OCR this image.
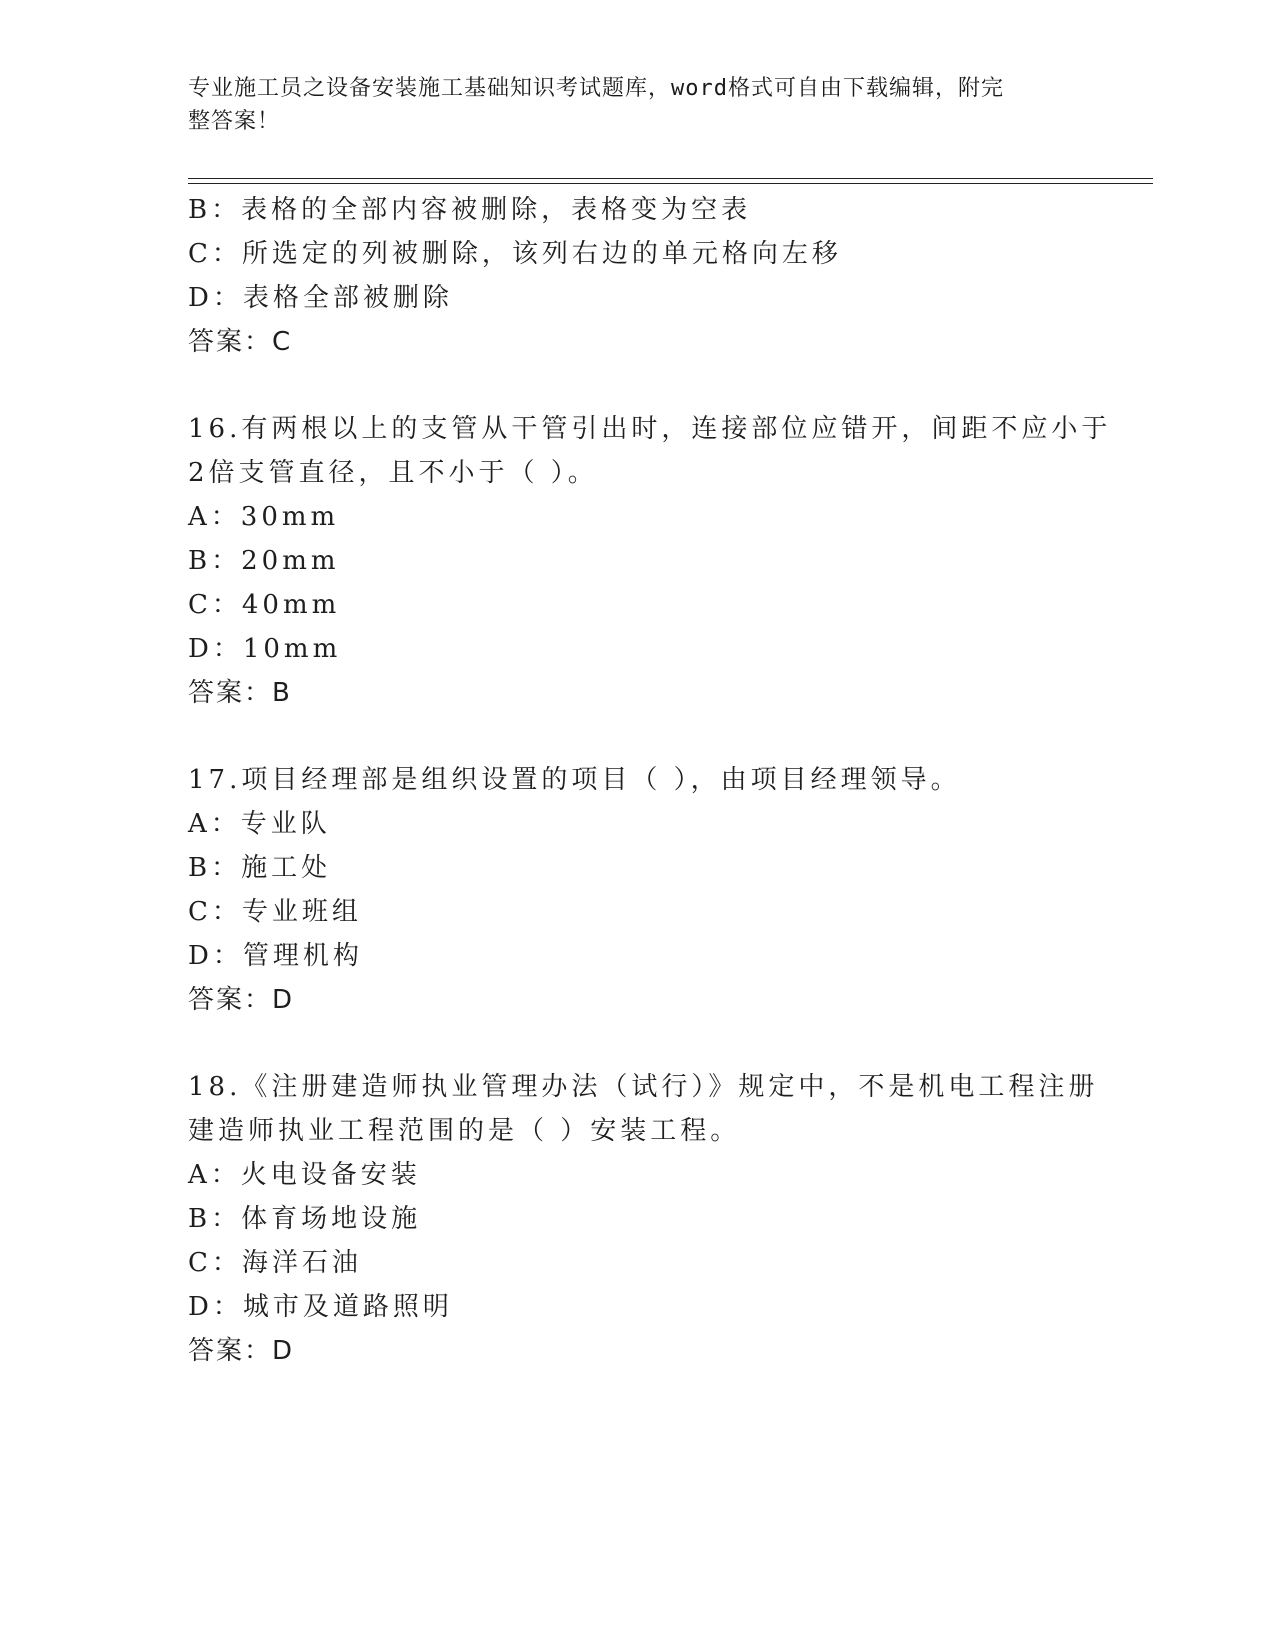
专业施工员之设备安装施工基础知识考试题库，word格式可自由下载编辑，附完
整答案！
B：表格的全部内容被删除，表格变为空表
C：所选定的列被删除，该列右边的单元格向左移
D：表格全部被删除
答案：C
16.有两根以上的支管从干管引出时，连接部位应错开，间距不应小于
2倍支管直径，且不小于（ ）。
A：30mm
B：20mm
C：40mm
D：10mm
答案：B
17.项目经理部是组织设置的项目（ ），由项目经理领导。
A：专业队
B：施工处
C：专业班组
D：管理机构
答案：D
18.《注册建造师执业管理办法（试行）》规定中，不是机电工程注册
建造师执业工程范围的是（ ）安装工程。
A：火电设备安装
B：体育场地设施
C：海洋石油
D：城市及道路照明
答案：D
